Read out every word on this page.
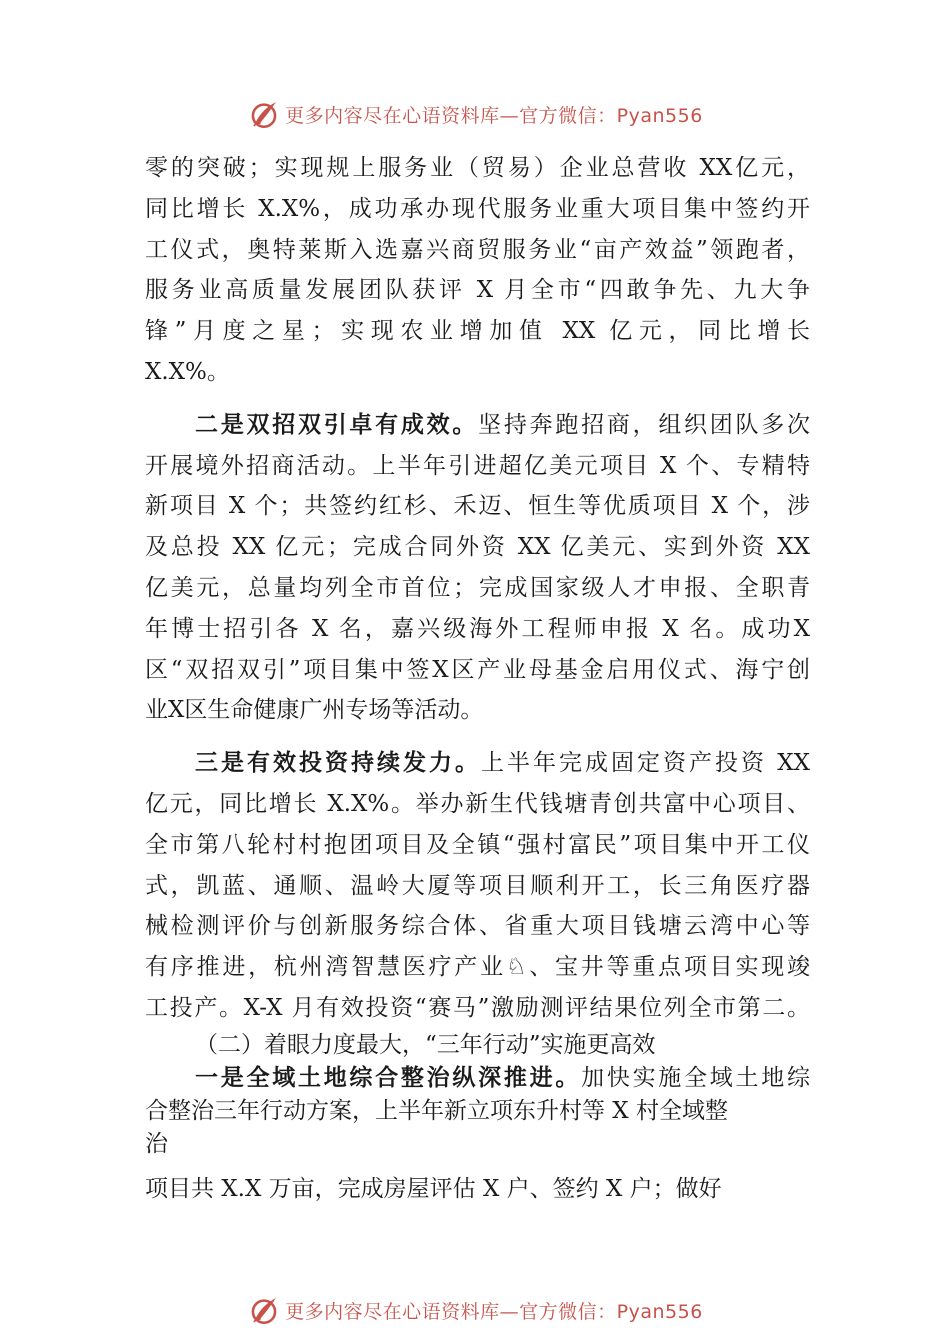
更多内容尽在心语资料库—官方微信：Pyan556
零的突破；实现规上服务业（贸易）企业总营收 XX亿元，
同比增长 X.X%，成功承办现代服务业重大项目集中签约开
工仪式，奥特莱斯入选嘉兴商贸服务业“亩产效益”领跑者，
服务业高质量发展团队获评 X 月全市“四敢争先、九大争
锋”月度之星；实现农业增加值 XX 亿元，同比增长
X.X%。
二是双招双引卓有成效。坚持奔跑招商，组织团队多次
开展境外招商活动。上半年引进超亿美元项目 X 个、专精特
新项目 X 个；共签约红杉、禾迈、恒生等优质项目 X 个，涉
及总投 XX 亿元；完成合同外资 XX 亿美元、实到外资 XX
亿美元，总量均列全市首位；完成国家级人才申报、全职青
年博士招引各 X 名，嘉兴级海外工程师申报 X 名。成功X
区“双招双引”项目集中签X区产业母基金启用仪式、海宁创
业X区生命健康广州专场等活动。
三是有效投资持续发力。上半年完成固定资产投资 XX
亿元，同比增长 X.X%。举办新生代钱塘青创共富中心项目、
全市第八轮村村抱团项目及全镇“强村富民”项目集中开工仪
式，凯蓝、通顺、温岭大厦等项目顺利开工，长三角医疗器
械检测评价与创新服务综合体、省重大项目钱塘云湾中心等
有序推进，杭州湾智慧医疗产业♘、宝井等重点项目实现竣
工投产。X-X 月有效投资“赛马”激励测评结果位列全市第二。
（二）着眼力度最大，“三年行动”实施更高效
一是全域土地综合整治纵深推进。加快实施全域土地综
合整治三年行动方案，上半年新立项东升村等 X 村全域整
治
项目共 X.X 万亩，完成房屋评估 X 户、签约 X 户；做好
更多内容尽在心语资料库—官方微信：Pyan556
